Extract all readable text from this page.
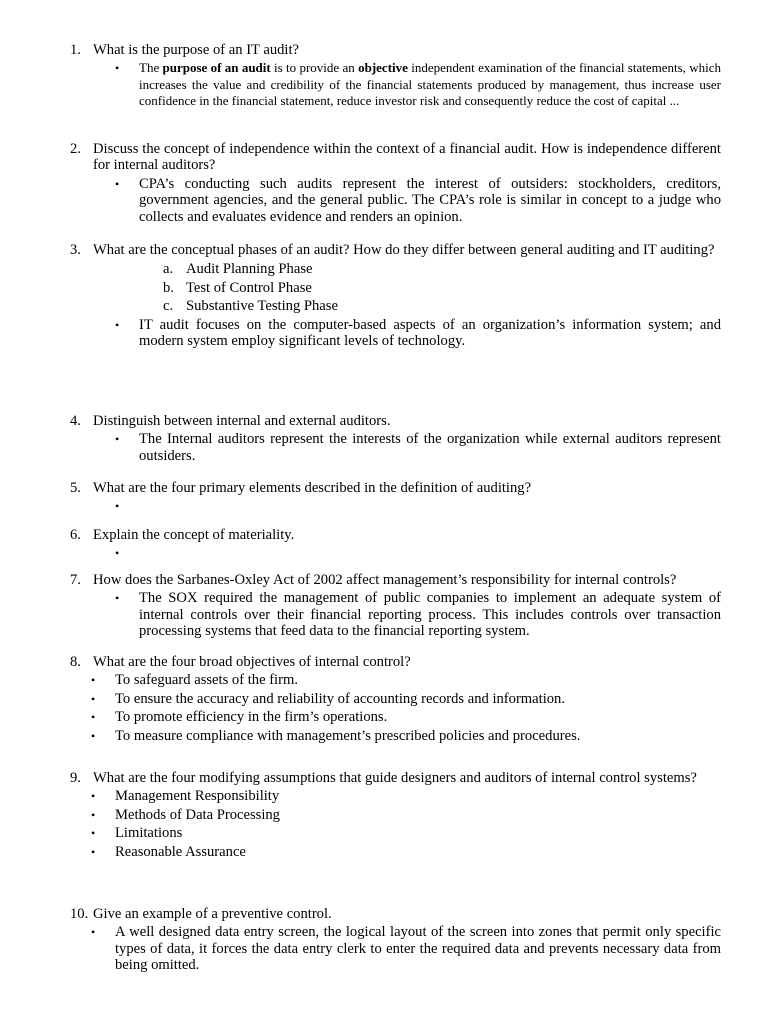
1. What is the purpose of an IT audit?
•	The purpose of an audit is to provide an objective independent examination of the financial statements, which increases the value and credibility of the financial statements produced by management, thus increase user confidence in the financial statement, reduce investor risk and consequently reduce the cost of capital ...
2. Discuss the concept of independence within the context of a financial audit. How is independence different for internal auditors?
•	CPA’s conducting such audits represent the interest of outsiders: stockholders, creditors, government agencies, and the general public. The CPA’s role is similar in concept to a judge who collects and evaluates evidence and renders an opinion.
3. What are the conceptual phases of an audit? How do they differ between general auditing and IT auditing?
a. Audit Planning Phase
b. Test of Control Phase
c. Substantive Testing Phase
•	IT audit focuses on the computer-based aspects of an organization’s information system; and modern system employ significant levels of technology.
4. Distinguish between internal and external auditors.
•	The Internal auditors represent the interests of the organization while external auditors represent outsiders.
5. What are the four primary elements described in the definition of auditing?
•
6. Explain the concept of materiality.
•
7. How does the Sarbanes-Oxley Act of 2002 affect management’s responsibility for internal controls?
•	The SOX required the management of public companies to implement an adequate system of internal controls over their financial reporting process. This includes controls over transaction processing systems that feed data to the financial reporting system.
8. What are the four broad objectives of internal control?
•	To safeguard assets of the firm.
•	To ensure the accuracy and reliability of accounting records and information.
•	To promote efficiency in the firm’s operations.
•	To measure compliance with management’s prescribed policies and procedures.
9. What are the four modifying assumptions that guide designers and auditors of internal control systems?
•	Management Responsibility
•	Methods of Data Processing
•	Limitations
•	Reasonable Assurance
10. Give an example of a preventive control.
•	A well designed data entry screen, the logical layout of the screen into zones that permit only specific types of data, it forces the data entry clerk to enter the required data and prevents necessary data from being omitted.
